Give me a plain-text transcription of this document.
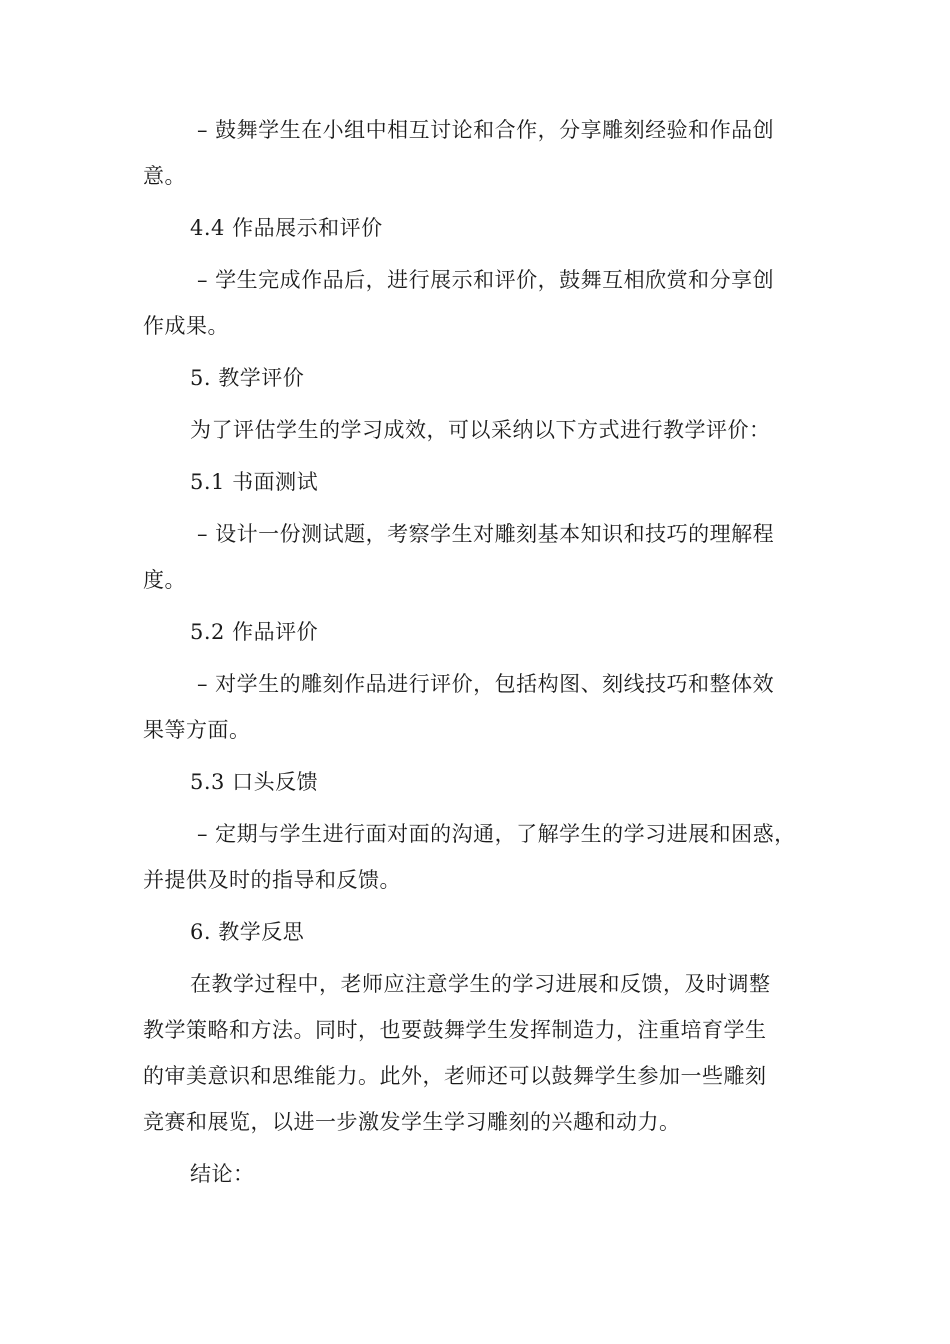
– 鼓舞学生在小组中相互讨论和合作，分享雕刻经验和作品创
意。
4.4 作品展示和评价
– 学生完成作品后，进行展示和评价，鼓舞互相欣赏和分享创
作成果。
5. 教学评价
为了评估学生的学习成效，可以采纳以下方式进行教学评价：
5.1 书面测试
– 设计一份测试题，考察学生对雕刻基本知识和技巧的理解程
度。
5.2 作品评价
– 对学生的雕刻作品进行评价，包括构图、刻线技巧和整体效
果等方面。
5.3 口头反馈
– 定期与学生进行面对面的沟通，了解学生的学习进展和困惑，
并提供及时的指导和反馈。
6. 教学反思
在教学过程中，老师应注意学生的学习进展和反馈，及时调整
教学策略和方法。同时，也要鼓舞学生发挥制造力，注重培育学生
的审美意识和思维能力。此外，老师还可以鼓舞学生参加一些雕刻
竞赛和展览，以进一步激发学生学习雕刻的兴趣和动力。
结论：
